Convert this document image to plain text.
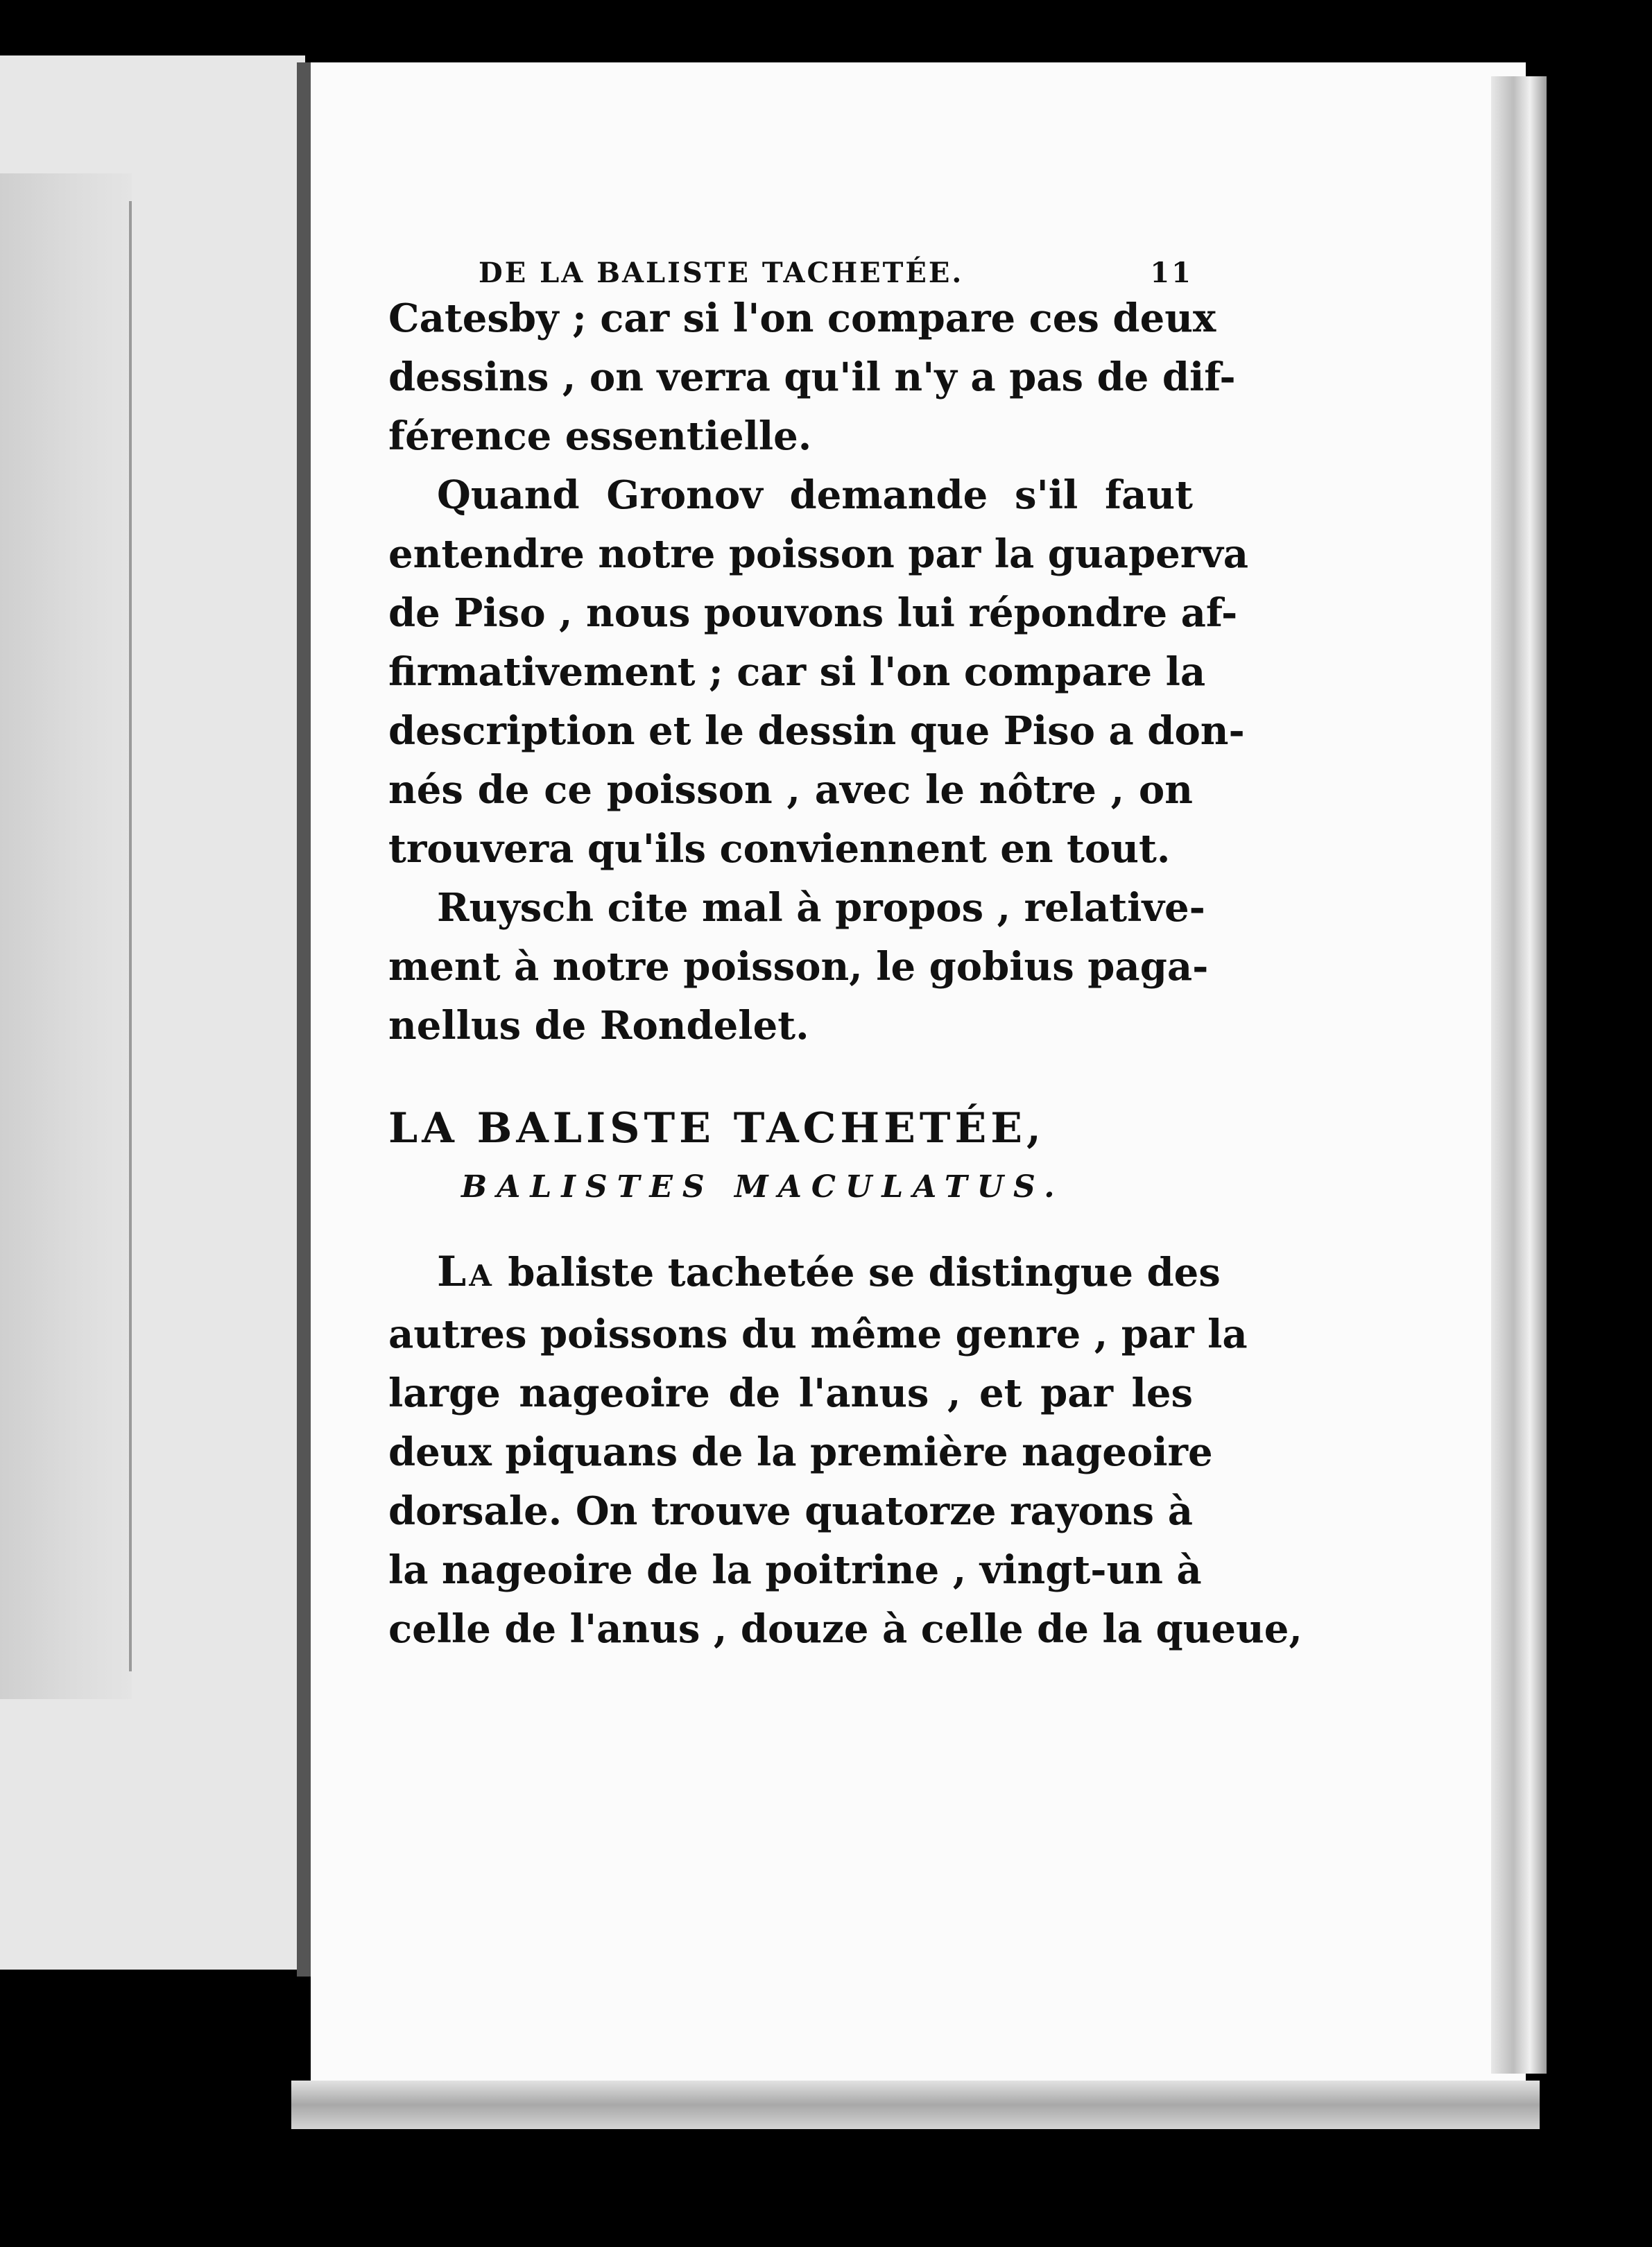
DE LA BALISTE TACHETÉE.	11
Catesby ; car si l'on compare ces deux
dessins , on verra qu'il n'y a pas de dif-
férence essentielle.
Quand Gronov demande s'il faut
entendre notre poisson par la guaperva
de Piso , nous pouvons lui répondre af-
firmativement ; car si l'on compare la
description et le dessin que Piso a don-
nés de ce poisson , avec le nôtre , on
trouvera qu'ils conviennent en tout.
Ruysch cite mal à propos , relative-
ment à notre poisson, le gobius paga-
nellus de Rondelet.
LA BALISTE TACHETÉE,
BALISTES MACULATUS.
LA baliste tachetée se distingue des
autres poissons du même genre , par la
large nageoire de l'anus , et par les
deux piquans de la première nageoire
dorsale. On trouve quatorze rayons à
la nageoire de la poitrine , vingt-un à
celle de l'anus , douze à celle de la queue,
